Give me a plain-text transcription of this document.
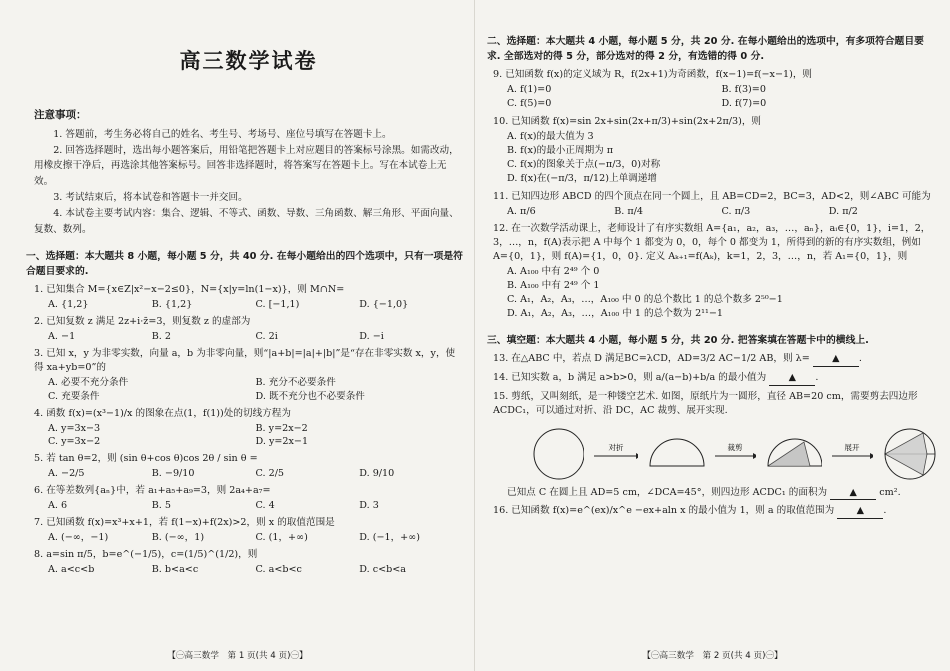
高三数学试卷
注意事项：

1. 答题前，考生务必将自己的姓名、考生号、考场号、座位号填写在答题卡上。

2. 回答选择题时，选出每小题答案后，用铅笔把答题卡上对应题目的答案标号涂黑。如需改动，用橡皮擦干净后，再选涂其他答案标号。回答非选择题时，将答案写在答题卡上。写在本试卷上无效。

3. 考试结束后，将本试卷和答题卡一并交回。

4. 本试卷主要考试内容：集合、逻辑、不等式、函数、导数、三角函数、解三角形、平面向量、复数、数列。

一、选择题：本大题共 8 小题，每小题 5 分，共 40 分. 在每小题给出的四个选项中，只有一项是符合题目要求的.
1. 已知集合 M={x∈Z|x²−x−2≤0}，N={x|y=ln(1−x)}，则 M∩N=
A. {1,2}	B. {1,2}	C. [−1,1)	D. {−1,0}
2. 已知复数 z 满足 2z+i·z̄=3，则复数 z 的虚部为
A. −1	B. 2	C. 2i	D. −i
3. 已知 x，y 为非零实数，向量 a，b 为非零向量，则“|a+b|=|a|+|b|”是“存在非零实数 x，y，使得 xa+yb=0”的
A. 必要不充分条件	B. 充分不必要条件
C. 充要条件	D. 既不充分也不必要条件
4. 函数 f(x)=(x³−1)/x 的图象在点(1，f(1))处的切线方程为
A. y=3x−3	B. y=2x−2
C. y=3x−2	D. y=2x−1
5. 若 tan θ=2，则 (sin θ+cos θ)cos 2θ / sin θ =
A. −2/5	B. −9/10	C. 2/5	D. 9/10
6. 在等差数列{aₙ}中，若 a₁+a₅+a₉=3，则 2a₄+a₇=
A. 6	B. 5	C. 4	D. 3
7. 已知函数 f(x)=x³+x+1，若 f(1−x)+f(2x)>2，则 x 的取值范围是
A. (−∞，−1)	B. (−∞，1)	C. (1，+∞)	D. (−1，+∞)
8. a=sin π/5，b=e^(−1/5)，c=(1/5)^(1/2)，则
A. a<c<b	B. b<a<c	C. a<b<c	D. c<b<a
【㊀高三数学　第 1 页(共 4 页)㊀】
二、选择题：本大题共 4 小题，每小题 5 分，共 20 分. 在每小题给出的选项中，有多项符合题目要求. 全部选对的得 5 分，部分选对的得 2 分，有选错的得 0 分.
9. 已知函数 f(x)的定义域为 R，f(2x+1)为奇函数，f(x−1)=f(−x−1)，则
A. f(1)=0	B. f(3)=0
C. f(5)=0	D. f(7)=0
10. 已知函数 f(x)=sin 2x+sin(2x+π/3)+sin(2x+2π/3)，则
A. f(x)的最大值为 3
B. f(x)的最小正周期为 π
C. f(x)的图象关于点(−π/3，0)对称
D. f(x)在(−π/3，π/12)上单调递增
11. 已知四边形 ABCD 的四个顶点在同一个圆上，且 AB=CD=2，BC=3，AD<2，则∠ABC 可能为
A. π/6	B. π/4	C. π/3	D. π/2
12. 在一次数学活动课上，老师设计了有序实数组 A={a₁，a₂，a₃，…，aₙ}，aᵢ∈{0，1}，i=1，2，3，…，n，f(A)表示把 A 中每个 1 都变为 0，0，每个 0 都变为 1，所得到的新的有序实数组，例如 A={0，1}，则 f(A)={1，0，0}. 定义 Aₖ₊₁=f(Aₖ)，k=1，2，3，…，n，若 A₁={0，1}，则
A. A₁₀₀ 中有 2⁴⁹ 个 0
B. A₁₀₀ 中有 2⁴⁹ 个 1
C. A₁，A₂，A₃，…，A₁₀₀ 中 0 的总个数比 1 的总个数多 2⁵⁰−1
D. A₁，A₂，A₃，…，A₁₀₀ 中 1 的总个数为 2¹¹−1
三、填空题：本大题共 4 小题，每小题 5 分，共 20 分. 把答案填在答题卡中的横线上.
13. 在△ABC 中，若点 D 满足BC=λCD，AD=3/2 AC−1/2 AB，则 λ= ▲ .
14. 已知实数 a，b 满足 a>b>0，则 a/(a−b)+b/a 的最小值为 ▲ .
15. 剪纸，又叫刻纸，是一种镂空艺术. 如图，原纸片为一圆形，直径 AB=20 cm，需要剪去四边形 ACDC₁，可以通过对折、沿 DC，AC 裁剪、展开实现.
对折	裁剪	展开
已知点 C 在圆上且 AD=5 cm，∠DCA=45°，则四边形 ACDC₁ 的面积为 ▲ cm².
16. 已知函数 f(x)=e^(ex)/x^e −ex+aln x 的最小值为 1，则 a 的取值范围为 ▲ .
【㊀高三数学　第 2 页(共 4 页)㊀】
